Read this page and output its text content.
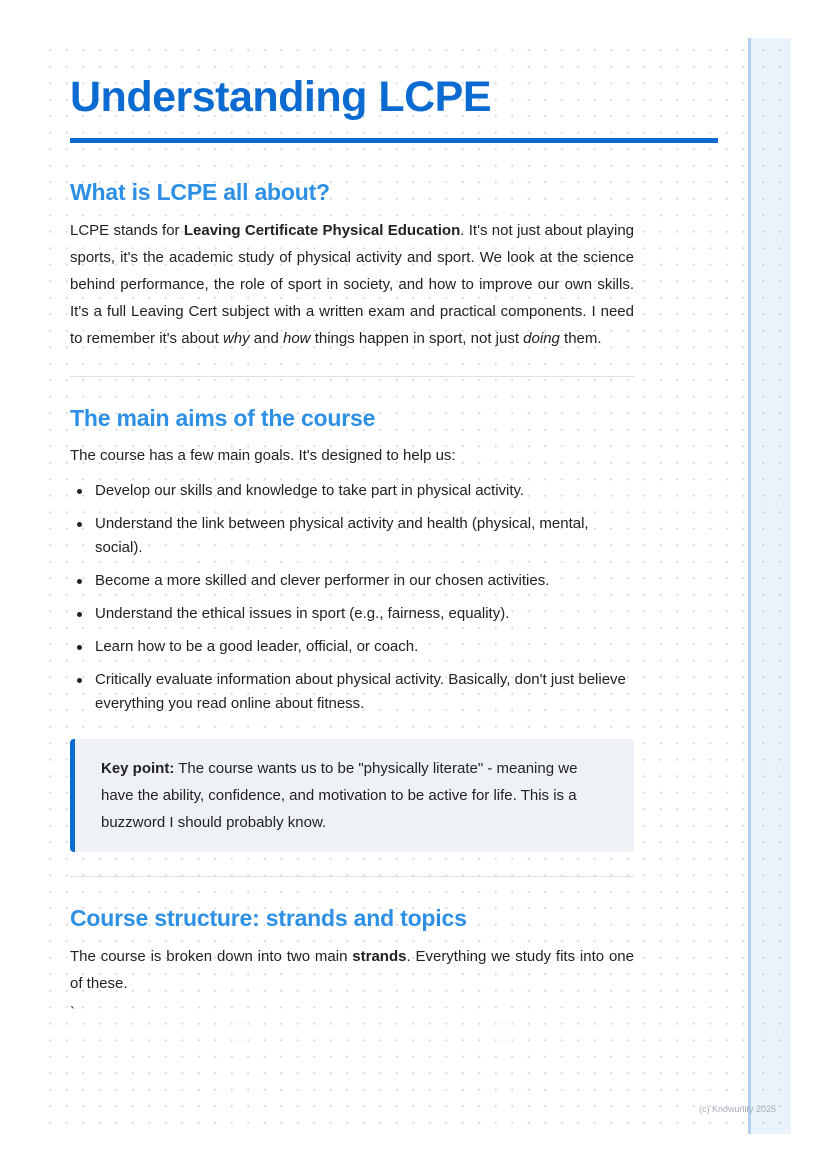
Understanding LCPE
What is LCPE all about?

LCPE stands for Leaving Certificate Physical Education. It's not just about playing sports, it's the academic study of physical activity and sport. We look at the science behind performance, the role of sport in society, and how to improve our own skills. It's a full Leaving Cert subject with a written exam and practical components. I need to remember it's about why and how things happen in sport, not just doing them.

The main aims of the course

The course has a few main goals. It's designed to help us:

Develop our skills and knowledge to take part in physical activity.
Understand the link between physical activity and health (physical, mental, social).
Become a more skilled and clever performer in our chosen activities.
Understand the ethical issues in sport (e.g., fairness, equality).
Learn how to be a good leader, official, or coach.
Critically evaluate information about physical activity. Basically, don't just believe everything you read online about fitness.

Key point: The course wants us to be "physically literate" - meaning we have the ability, confidence, and motivation to be active for life. This is a buzzword I should probably know.

Course structure: strands and topics

The course is broken down into two main strands. Everything we study fits into one of these.

`
(c) Knowunity 2025
